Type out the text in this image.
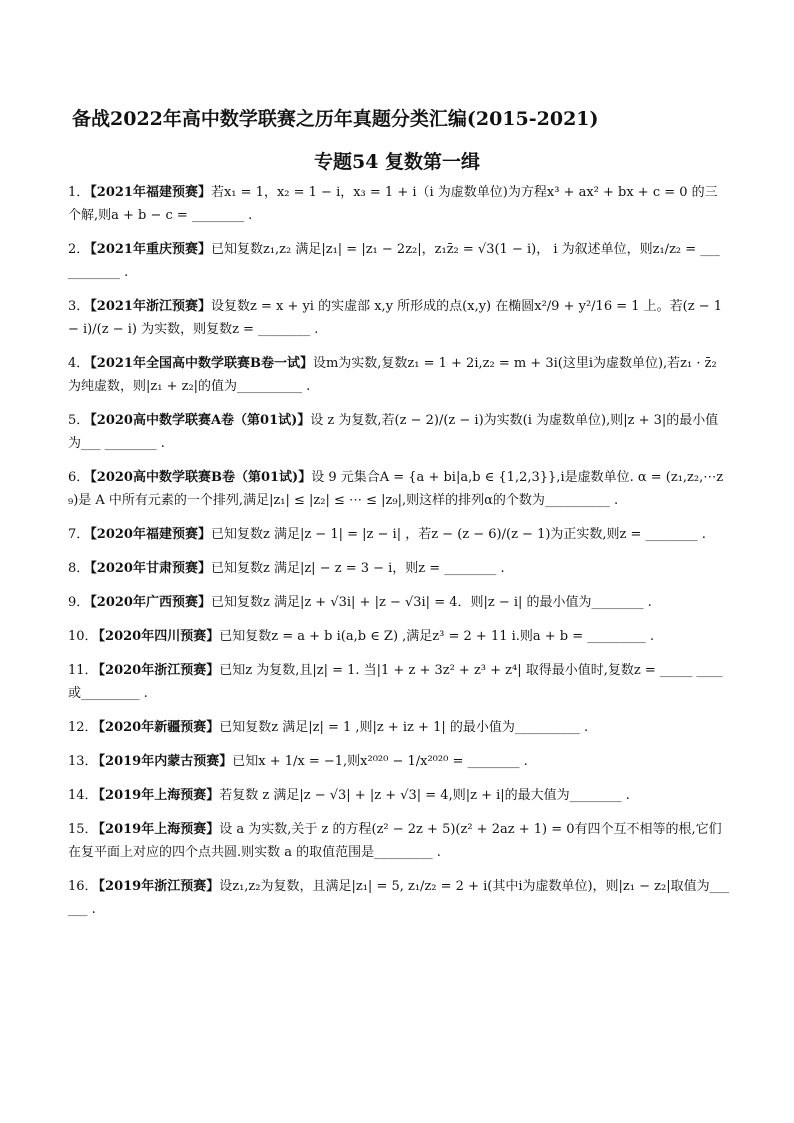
备战2022年高中数学联赛之历年真题分类汇编(2015-2021)
专题54 复数第一缉
1．【2021年福建预赛】若x₁ = 1，x₂ = 1 − i，x₃ = 1 + i（i 为虚数单位)为方程x³ + ax² + bx + c = 0 的三个解,则a + b − c = ________ .
2．【2021年重庆预赛】已知复数z₁,z₂ 满足|z₁| = |z₁ − 2z₂|，z₁z̄₂ = √3(1 − i)， i 为叙述单位，则z₁/z₂ = ___ ________ .
3．【2021年浙江预赛】设复数z = x + yi 的实虚部 x,y 所形成的点(x,y) 在椭圆x²/9 + y²/16 = 1 上。若(z − 1 − i)/(z − i) 为实数，则复数z = ________ .
4．【2021年全国高中数学联赛B卷一试】设m为实数,复数z₁ = 1 + 2i,z₂ = m + 3i(这里i为虚数单位),若z₁ · z̄₂ 为纯虚数，则|z₁ + z₂|的值为__________ .
5．【2020高中数学联赛A卷（第01试)】设 z 为复数,若(z − 2)/(z − i)为实数(i 为虚数单位),则|z + 3|的最小值为___ ________ .
6．【2020高中数学联赛B卷（第01试)】设 9 元集合A = {a + bi|a,b ∈ {1,2,3}},i是虚数单位. α = (z₁,z₂,⋯z₉)是 A 中所有元素的一个排列,满足|z₁| ≤ |z₂| ≤ ⋯ ≤ |z₉|,则这样的排列α的个数为__________ .
7．【2020年福建预赛】已知复数z 满足|z − 1| = |z − i| ，若z − (z − 6)/(z − 1)为正实数,则z = ________ .
8．【2020年甘肃预赛】已知复数z 满足|z| − z = 3 − i，则z = ________ .
9．【2020年广西预赛】已知复数z 满足|z + √3i| + |z − √3i| = 4．则|z − i| 的最小值为________ .
10．【2020年四川预赛】已知复数z = a + b i(a,b ∈ Z) ,满足z³ = 2 + 11 i.则a + b = _________ .
11．【2020年浙江预赛】已知z 为复数,且|z| = 1. 当|1 + z + 3z² + z³ + z⁴| 取得最小值时,复数z = _____ ____或_________ .
12．【2020年新疆预赛】已知复数z 满足|z| = 1 ,则|z + iz + 1| 的最小值为__________ .
13．【2019年内蒙古预赛】已知x + 1/x = −1,则x²⁰²⁰ − 1/x²⁰²⁰ = ________ .
14．【2019年上海预赛】若复数 z 满足|z − √3| + |z + √3| = 4,则|z + i|的最大值为________ .
15．【2019年上海预赛】设 a 为实数,关于 z 的方程(z² − 2z + 5)(z² + 2az + 1) = 0有四个互不相等的根,它们在复平面上对应的四个点共圆.则实数 a 的取值范围是_________ .
16．【2019年浙江预赛】设z₁,z₂为复数，且满足|z₁| = 5, z₁/z₂ = 2 + i(其中i为虚数单位)，则|z₁ − z₂|取值为___ ___ .
